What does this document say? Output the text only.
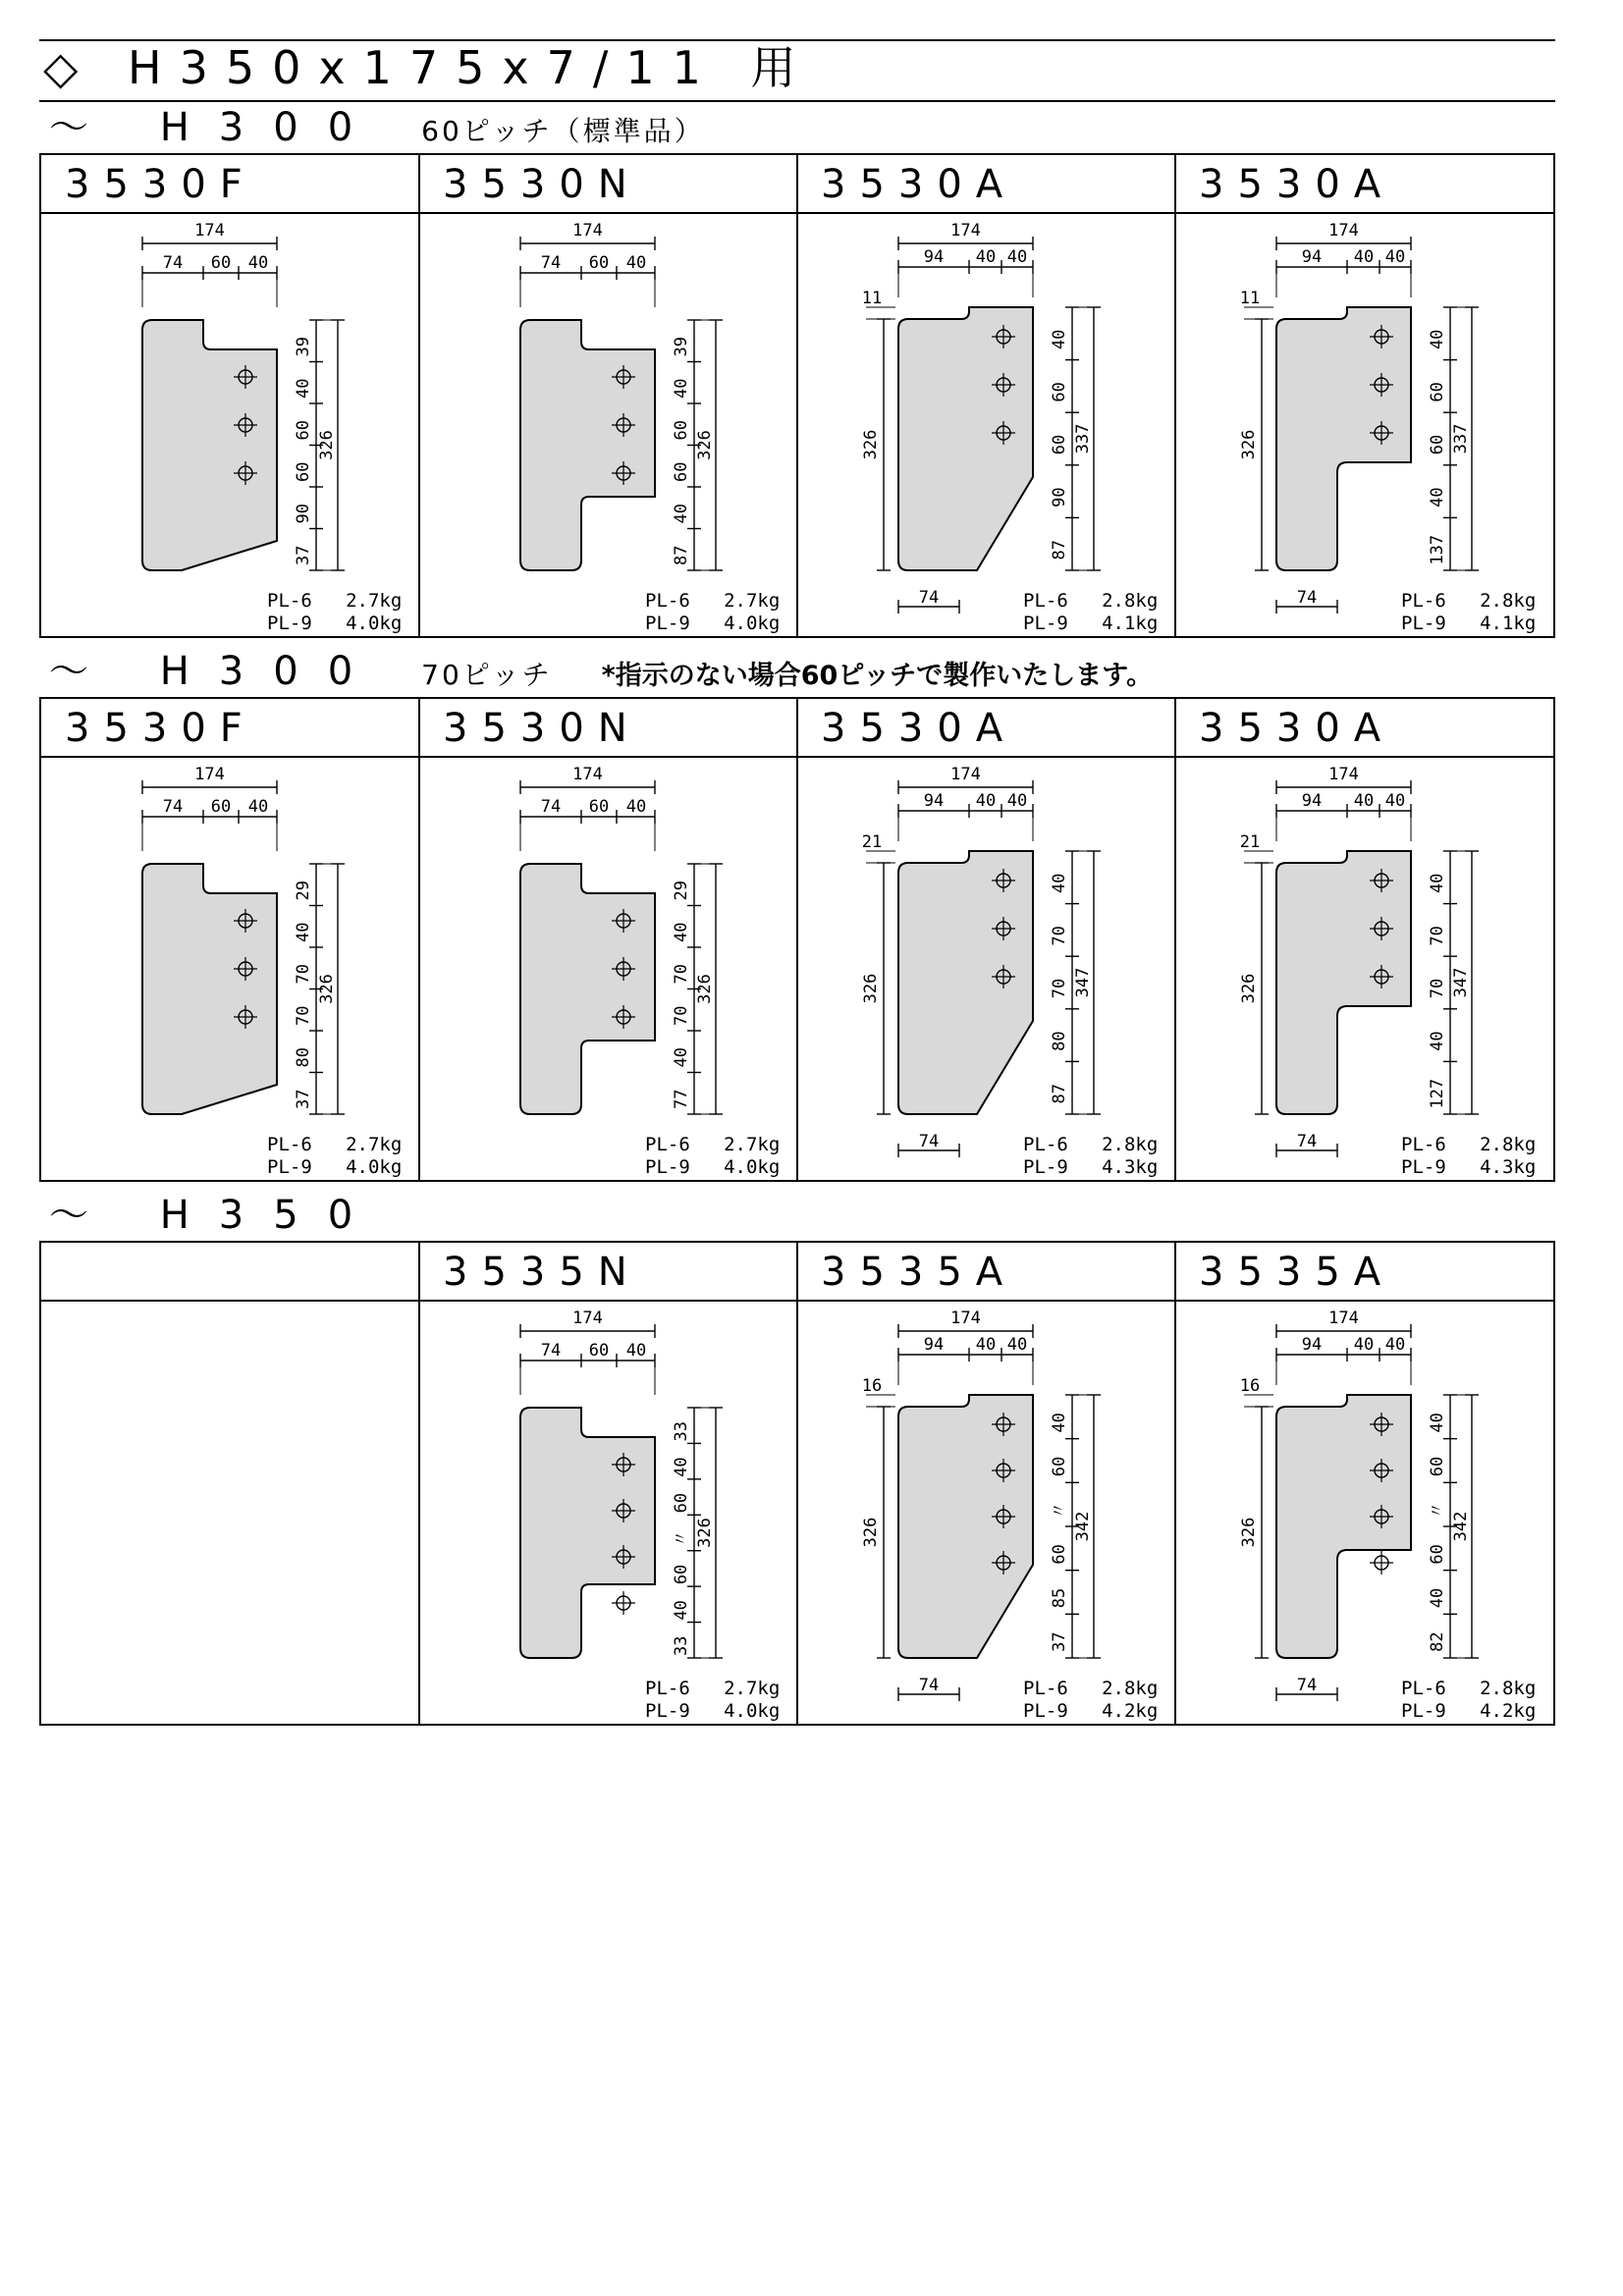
◇ H350x175x7/11 用
～ H300 60ピッチ（標準品）
～ H300 70ピッチ *指示のない場合60ピッチで製作いたします。
～ H350
3530F
174
74 60 40
39
40
60
60
90
37
326
PL-6 2.7kg
PL-9 4.0kg
3530N
174
74 60 40
39
40
60
60
40
87
326
PL-6 2.7kg
PL-9 4.0kg
3530A
174
94 40 40
326
11
74
40
60
60
90
87
337
PL-6 2.8kg
PL-9 4.1kg
3530A
174
94 40 40
326
11
74
40
60
60
40
137
337
PL-6 2.8kg
PL-9 4.1kg
3530F
174
74 60 40
29
40
70
70
80
37
326
PL-6 2.7kg
PL-9 4.0kg
3530N
174
74 60 40
29
40
70
70
40
77
326
PL-6 2.7kg
PL-9 4.0kg
3530A
174
94 40 40
326
21
74
40
70
70
80
87
347
PL-6 2.8kg
PL-9 4.3kg
3530A
174
94 40 40
326
21
74
40
70
70
40
127
347
PL-6 2.8kg
PL-9 4.3kg
3535N
174
74 60 40
33
40
60
〃
60
40
33
326
PL-6 2.7kg
PL-9 4.0kg
3535A
174
94 40 40
326
16
74
40
60
〃
60
85
37
342
PL-6 2.8kg
PL-9 4.2kg
3535A
174
94 40 40
326
16
74
40
60
〃
60
40
82
342
PL-6 2.8kg
PL-9 4.2kg
